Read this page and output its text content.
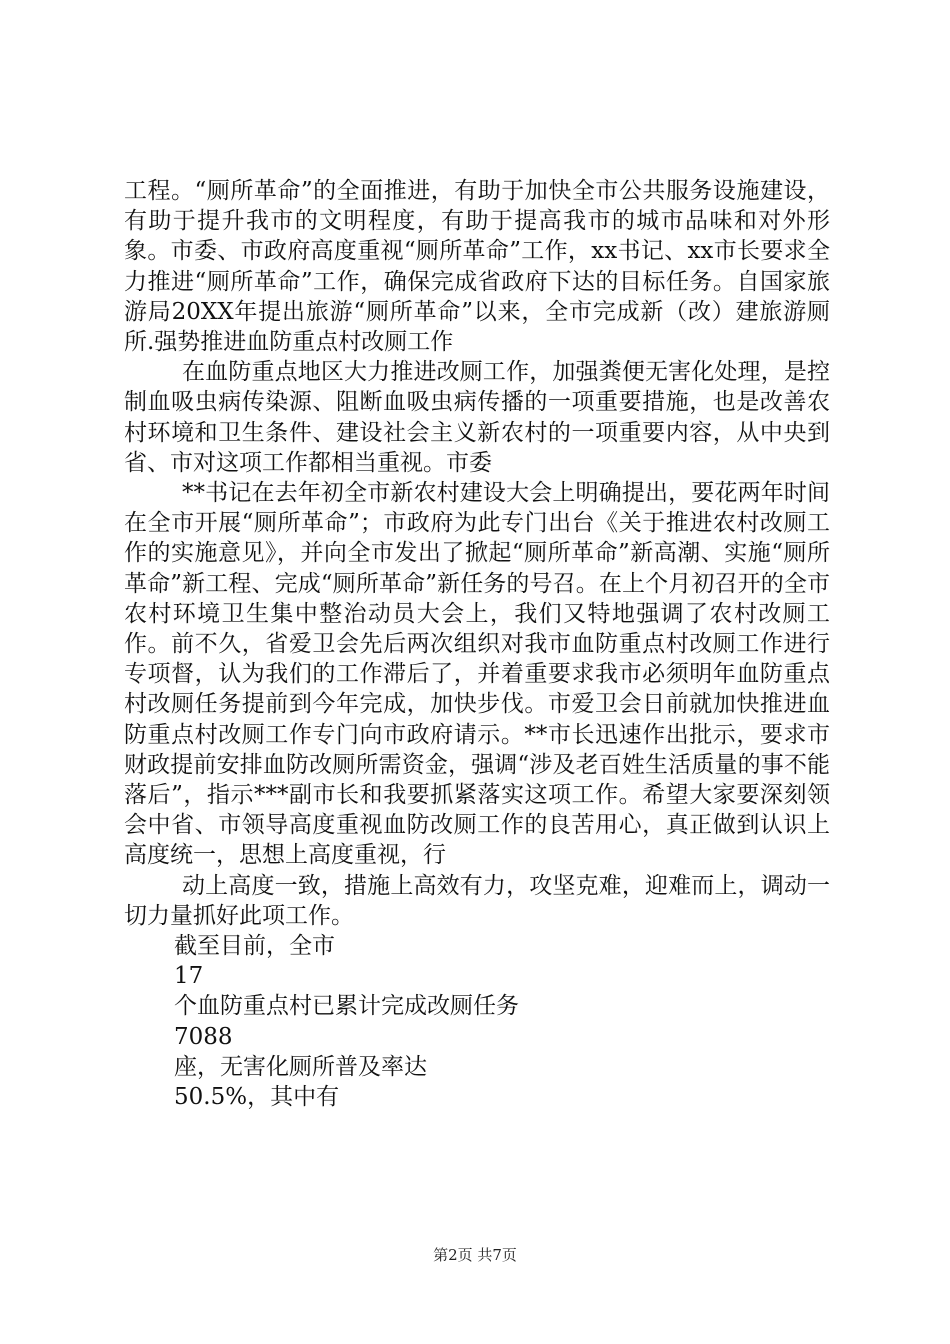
工程。“厕所革命”的全面推进，有助于加快全市公共服务设施建设，有助于提升我市的文明程度，有助于提高我市的城市品味和对外形象。市委、市政府高度重视“厕所革命”工作，xx书记、xx市长要求全力推进“厕所革命”工作，确保完成省政府下达的目标任务。自国家旅游局20XX年提出旅游“厕所革命”以来，全市完成新（改）建旅游厕所.强势推进血防重点村改厕工作

在血防重点地区大力推进改厕工作，加强粪便无害化处理，是控制血吸虫病传染源、阻断血吸虫病传播的一项重要措施，也是改善农村环境和卫生条件、建设社会主义新农村的一项重要内容，从中央到省、市对这项工作都相当重视。市委

**书记在去年初全市新农村建设大会上明确提出，要花两年时间在全市开展“厕所革命”；市政府为此专门出台《关于推进农村改厕工作的实施意见》，并向全市发出了掀起“厕所革命”新高潮、实施“厕所革命”新工程、完成“厕所革命”新任务的号召。在上个月初召开的全市农村环境卫生集中整治动员大会上，我们又特地强调了农村改厕工作。前不久，省爱卫会先后两次组织对我市血防重点村改厕工作进行专项督，认为我们的工作滞后了，并着重要求我市必须明年血防重点村改厕任务提前到今年完成，加快步伐。市爱卫会日前就加快推进血防重点村改厕工作专门向市政府请示。**市长迅速作出批示，要求市财政提前安排血防改厕所需资金，强调“涉及老百姓生活质量的事不能落后”，指示***副市长和我要抓紧落实这项工作。希望大家要深刻领会中省、市领导高度重视血防改厕工作的良苦用心，真正做到认识上高度统一，思想上高度重视，行

动上高度一致，措施上高效有力，攻坚克难，迎难而上，调动一切力量抓好此项工作。

截至目前，全市

17

个血防重点村已累计完成改厕任务

7088

座，无害化厕所普及率达

50.5%，其中有

第2页 共7页
